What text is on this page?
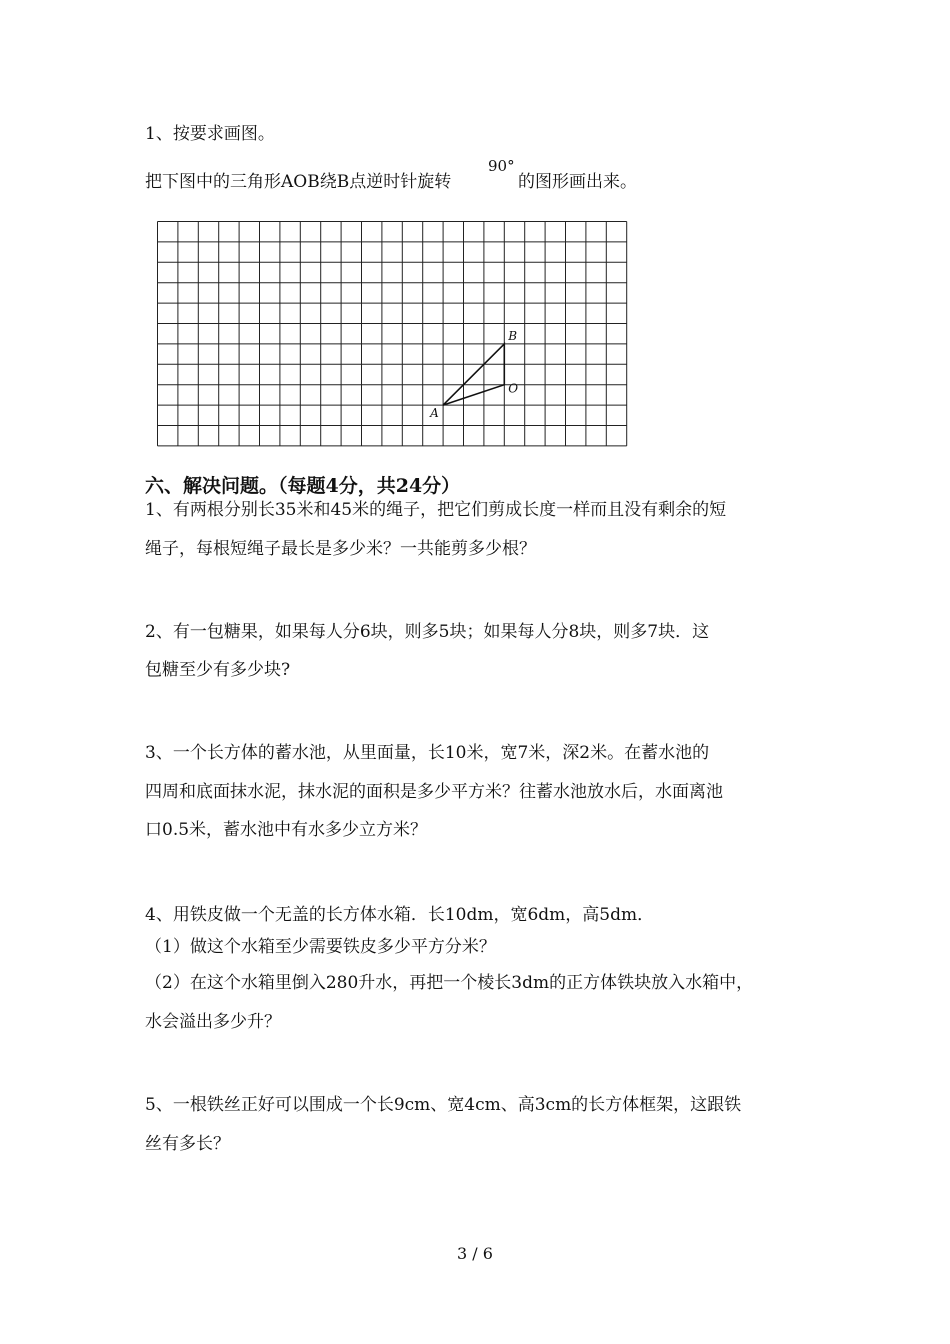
1、按要求画图。
把下图中的三角形AOB绕B点逆时针旋转
90°
的图形画出来。
B
O
A
六、解决问题。（每题4分，共24分）
1、有两根分别长35米和45米的绳子，把它们剪成长度一样而且没有剩余的短
绳子，每根短绳子最长是多少米？一共能剪多少根？
2、有一包糖果，如果每人分6块，则多5块；如果每人分8块，则多7块．这
包糖至少有多少块?
3、一个长方体的蓄水池，从里面量，长10米，宽7米，深2米。在蓄水池的
四周和底面抹水泥，抹水泥的面积是多少平方米？往蓄水池放水后，水面离池
口0.5米，蓄水池中有水多少立方米？
4、用铁皮做一个无盖的长方体水箱．长10dm，宽6dm，高5dm．
（1）做这个水箱至少需要铁皮多少平方分米？
（2）在这个水箱里倒入280升水，再把一个棱长3dm的正方体铁块放入水箱中，
水会溢出多少升？
5、一根铁丝正好可以围成一个长9cm、宽4cm、高3cm的长方体框架，这跟铁
丝有多长？
3 / 6
